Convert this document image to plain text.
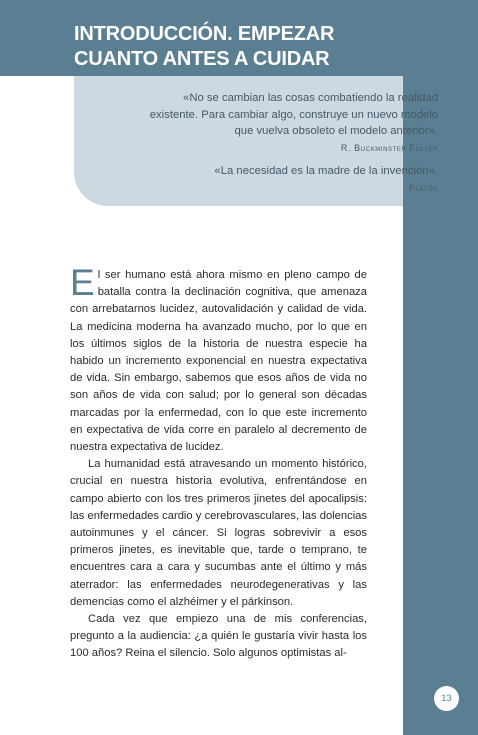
INTRODUCCIÓN. EMPEZAR CUANTO ANTES A CUIDAR

«No se cambian las cosas combatiendo la realidad existente. Para cambiar algo, construye un nuevo modelo que vuelva obsoleto el modelo anterior».
R. Buckminster Fuller

«La necesidad es la madre de la invención».
Platón

El ser humano está ahora mismo en pleno campo de batalla contra la declinación cognitiva, que amenaza con arrebatarnos lucidez, autovalidación y calidad de vida. La medicina moderna ha avanzado mucho, por lo que en los últimos siglos de la historia de nuestra especie ha habido un incremento exponencial en nuestra expectativa de vida. Sin embargo, sabemos que esos años de vida no son años de vida con salud; por lo general son décadas marcadas por la enfermedad, con lo que este incremento en expectativa de vida corre en paralelo al decremento de nuestra expectativa de lucidez.

La humanidad está atravesando un momento histórico, crucial en nuestra historia evolutiva, enfrentándose en campo abierto con los tres primeros jinetes del apocalipsis: las enfermedades cardio y cerebrovasculares, las dolencias autoinmunes y el cáncer. Si logras sobrevivir a esos primeros jinetes, es inevitable que, tarde o temprano, te encuentres cara a cara y sucumbas ante el último y más aterrador: las enfermedades neurodegenerativas y las demencias como el alzhéimer y el párkinson.

Cada vez que empiezo una de mis conferencias, pregunto a la audiencia: ¿a quién le gustaría vivir hasta los 100 años? Reina el silencio. Solo algunos optimistas al-

13
